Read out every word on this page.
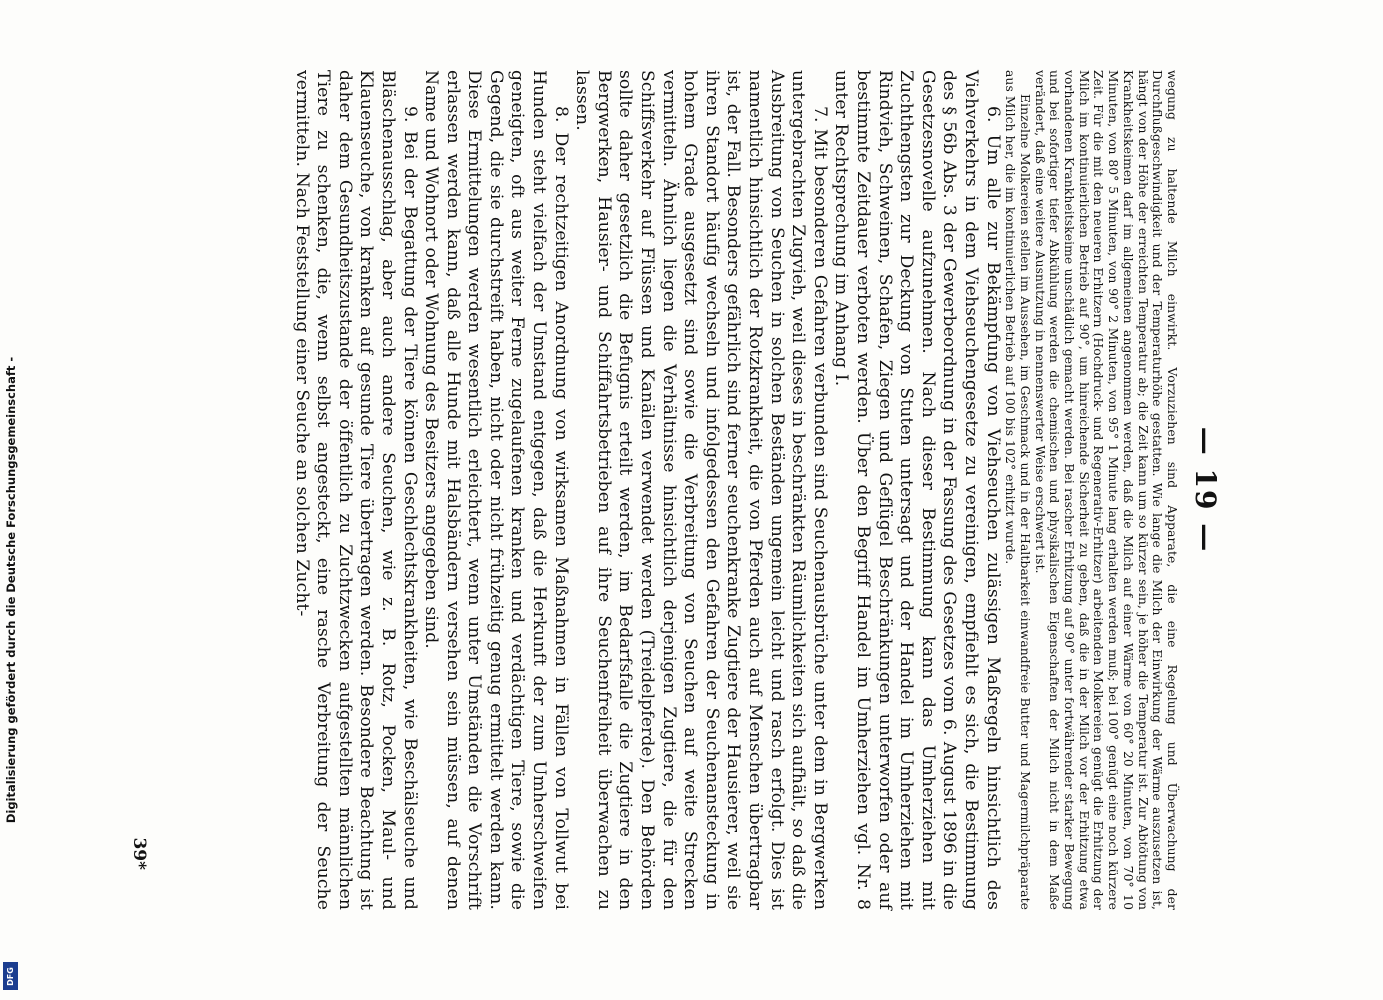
Digitalisierung gefördert durch die Deutsche Forschungsgemeinschaft -
DFG
— 19 —

wegung zu haltende Milch einwirkt. Vorzuziehen sind Apparate, die eine Regelung und Überwachung der Durchflußgeschwindigkeit und der Temperaturhöhe gestatten. Wie lange die Milch der Einwirkung der Wärme auszusetzen ist, hängt von der Höhe der erreichten Temperatur ab; die Zeit kann um so kürzer sein, je höher die Temperatur ist. Zur Abtötung von Krankheitskeimen darf im allgemeinen angenommen werden, daß die Milch auf einer Wärme von 60° 20 Minuten, von 70° 10 Minuten, von 80° 5 Minuten, von 90° 2 Minuten, von 95° 1 Minute lang erhalten werden muß; bei 100° genügt eine noch kürzere Zeit. Für die mit den neueren Erhitzern (Hochdruck- und Regenerativ-Erhitzer) arbeitenden Molkereien genügt die Erhitzung der Milch im kontinuierlichen Betrieb auf 90°, um hinreichende Sicherheit zu geben, daß die in der Milch vor der Erhitzung etwa vorhandenen Krankheitskeime unschädlich gemacht werden. Bei rascher Erhitzung auf 90° unter fortwährender starker Bewegung und bei sofortiger tiefer Abkühlung werden die chemischen und physikalischen Eigenschaften der Milch nicht in dem Maße verändert, daß eine weitere Ausnutzung in nennenswerter Weise erschwert ist.

Einzelne Molkereien stellen im Aussehen, im Geschmack und in der Haltbarkeit einwandfreie Butter und Magermilchpräparate aus Milch her, die im kontinuierlichen Betrieb auf 100 bis 102° erhitzt wurde.

6. Um alle zur Bekämpfung von Viehseuchen zulässigen Maßregeln hinsichtlich des Viehverkehrs in dem Viehseuchengesetze zu vereinigen, empfiehlt es sich, die Bestimmung des § 56b Abs. 3 der Gewerbeordnung in der Fassung des Gesetzes vom 6. August 1896 in die Gesetzesnovelle aufzunehmen. Nach dieser Bestimmung kann das Umherziehen mit Zuchthengsten zur Deckung von Stuten untersagt und der Handel im Umherziehen mit Rindvieh, Schweinen, Schafen, Ziegen und Geflügel Beschränkungen unterworfen oder auf bestimmte Zeitdauer verboten werden. Über den Begriff Handel im Umherziehen vgl. Nr. 8 unter Rechtsprechung im Anhang I.

7. Mit besonderen Gefahren verbunden sind Seuchenausbrüche unter dem in Bergwerken untergebrachten Zugvieh, weil dieses in beschränkten Räumlichkeiten sich aufhält, so daß die Ausbreitung von Seuchen in solchen Beständen ungemein leicht und rasch erfolgt. Dies ist namentlich hinsichtlich der Rotzkrankheit, die von Pferden auch auf Menschen übertragbar ist, der Fall. Besonders gefährlich sind ferner seuchenkranke Zugtiere der Hausierer, weil sie ihren Standort häufig wechseln und infolgedessen den Gefahren der Seuchenansteckung in hohem Grade ausgesetzt sind sowie die Verbreitung von Seuchen auf weite Strecken vermitteln. Ähnlich liegen die Verhältnisse hinsichtlich derjenigen Zugtiere, die für den Schiffsverkehr auf Flüssen und Kanälen verwendet werden (Treidelpferde). Den Behörden sollte daher gesetzlich die Befugnis erteilt werden, im Bedarfsfalle die Zugtiere in den Bergwerken, Hausier- und Schiffahrtsbetrieben auf ihre Seuchenfreiheit überwachen zu lassen.

8. Der rechtzeitigen Anordnung von wirksamen Maßnahmen in Fällen von Tollwut bei Hunden steht vielfach der Umstand entgegen, daß die Herkunft der zum Umherschweifen geneigten, oft aus weiter Ferne zugelaufenen kranken und verdächtigen Tiere, sowie die Gegend, die sie durchstreift haben, nicht oder nicht frühzeitig genug ermittelt werden kann. Diese Ermittelungen werden wesentlich erleichtert, wenn unter Umständen die Vorschrift erlassen werden kann, daß alle Hunde mit Halsbändern versehen sein müssen, auf denen Name und Wohnort oder Wohnung des Besitzers angegeben sind.

9. Bei der Begattung der Tiere können Geschlechtskrankheiten, wie Beschälseuche und Bläschenausschlag, aber auch andere Seuchen, wie z. B. Rotz, Pocken, Maul- und Klauenseuche, von kranken auf gesunde Tiere übertragen werden. Besondere Beachtung ist daher dem Gesundheitszustande der öffentlich zu Zuchtzwecken aufgestellten männlichen Tiere zu schenken, die, wenn selbst angesteckt, eine rasche Verbreitung der Seuche vermitteln. Nach Feststellung einer Seuche an solchen Zucht-

39*
